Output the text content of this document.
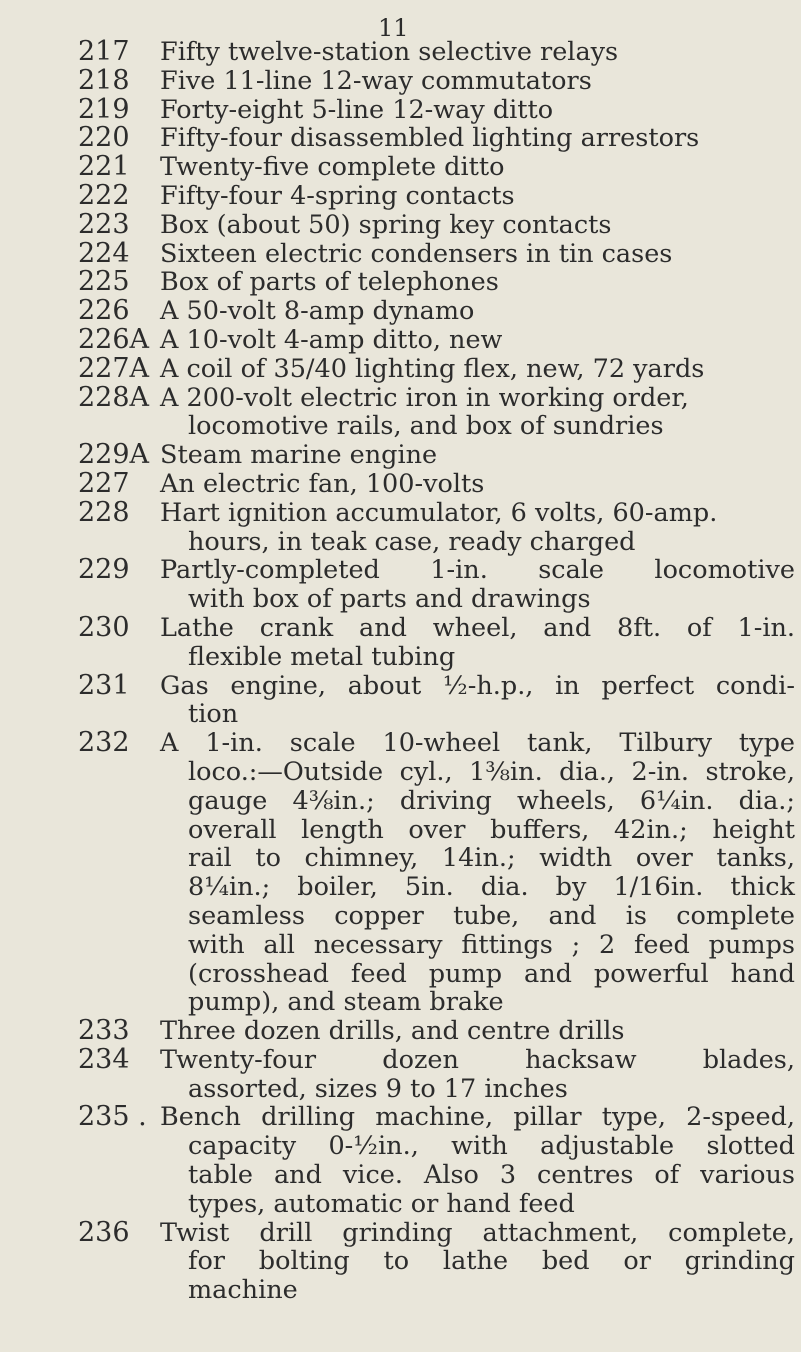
11
217	Fifty twelve-station selective relays
218	Five 11-line 12-way commutators
219	Forty-eight 5-line 12-way ditto
220	Fifty-four disassembled lighting arrestors
221	Twenty-five complete ditto
222	Fifty-four 4-spring contacts
223	Box (about 50) spring key contacts
224	Sixteen electric condensers in tin cases
225	Box of parts of telephones
226	A 50-volt 8-amp dynamo
226A A 10-volt 4-amp ditto, new
227A A coil of 35/40 lighting flex, new, 72 yards
228A A 200-volt electric iron in working order,
locomotive rails, and box of sundries
229A Steam marine engine
227	An electric fan, 100-volts
228	Hart ignition accumulator, 6 volts, 60-amp.
hours, in teak case, ready charged
229	Partly-completed 1-in. scale locomotive
with box of parts and drawings
230	Lathe crank and wheel, and 8ft. of 1-in.
flexible metal tubing
231	Gas engine, about ½-h.p., in perfect condi-
tion
232	A 1-in. scale 10-wheel tank, Tilbury type
loco.:—Outside cyl., 1⅜in. dia., 2-in. stroke,
gauge 4⅜in.; driving wheels, 6¼in. dia.;
overall length over buffers, 42in.; height
rail to chimney, 14in.; width over tanks,
8¼in.; boiler, 5in. dia. by 1/16in. thick
seamless copper tube, and is complete
with all necessary fittings ; 2 feed pumps
(crosshead feed pump and powerful hand
pump), and steam brake
233	Three dozen drills, and centre drills
234	Twenty-four dozen hacksaw blades,
assorted, sizes 9 to 17 inches
235 . Bench drilling machine, pillar type, 2-speed,
capacity 0-½in., with adjustable slotted
table and vice. Also 3 centres of various
types, automatic or hand feed
236	Twist drill grinding attachment, complete,
for bolting to lathe bed or grinding
machine
